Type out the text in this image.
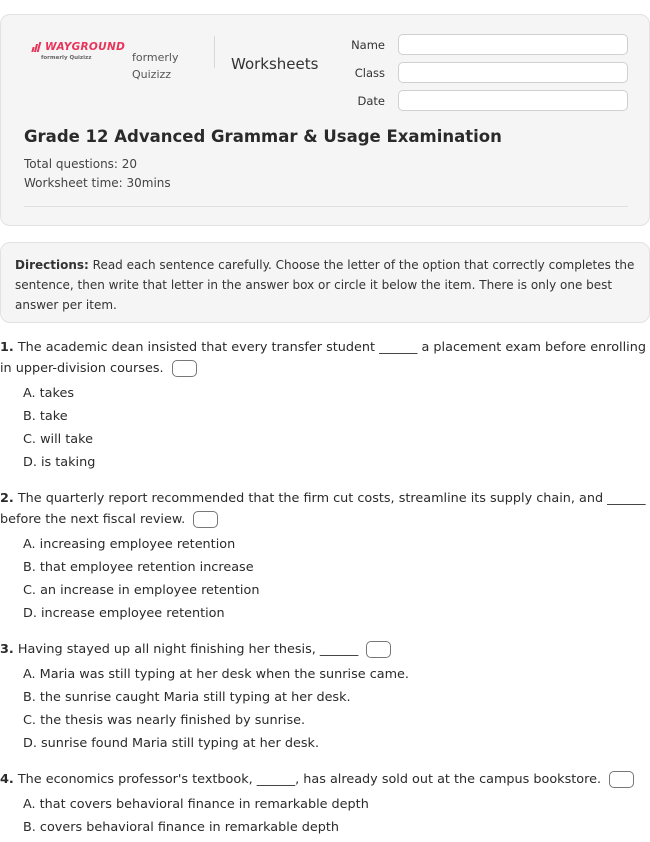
WAYGROUND
formerly Quizizz	formerly
Quizizz
Worksheets
Name
Class
Date
Grade 12 Advanced Grammar & Usage Examination
Total questions: 20
Worksheet time: 30mins
Directions: Read each sentence carefully. Choose the letter of the option that correctly completes the sentence, then write that letter in the answer box or circle it below the item. There is only one best answer per item.
1. The academic dean insisted that every transfer student ______ a placement exam before enrolling
in upper-division courses.
A. takes
B. take
C. will take
D. is taking
2. The quarterly report recommended that the firm cut costs, streamline its supply chain, and ______
before the next fiscal review.
A. increasing employee retention
B. that employee retention increase
C. an increase in employee retention
D. increase employee retention
3. Having stayed up all night finishing her thesis, ______
A. Maria was still typing at her desk when the sunrise came.
B. the sunrise caught Maria still typing at her desk.
C. the thesis was nearly finished by sunrise.
D. sunrise found Maria still typing at her desk.
4. The economics professor's textbook, ______, has already sold out at the campus bookstore.
A. that covers behavioral finance in remarkable depth
B. covers behavioral finance in remarkable depth
